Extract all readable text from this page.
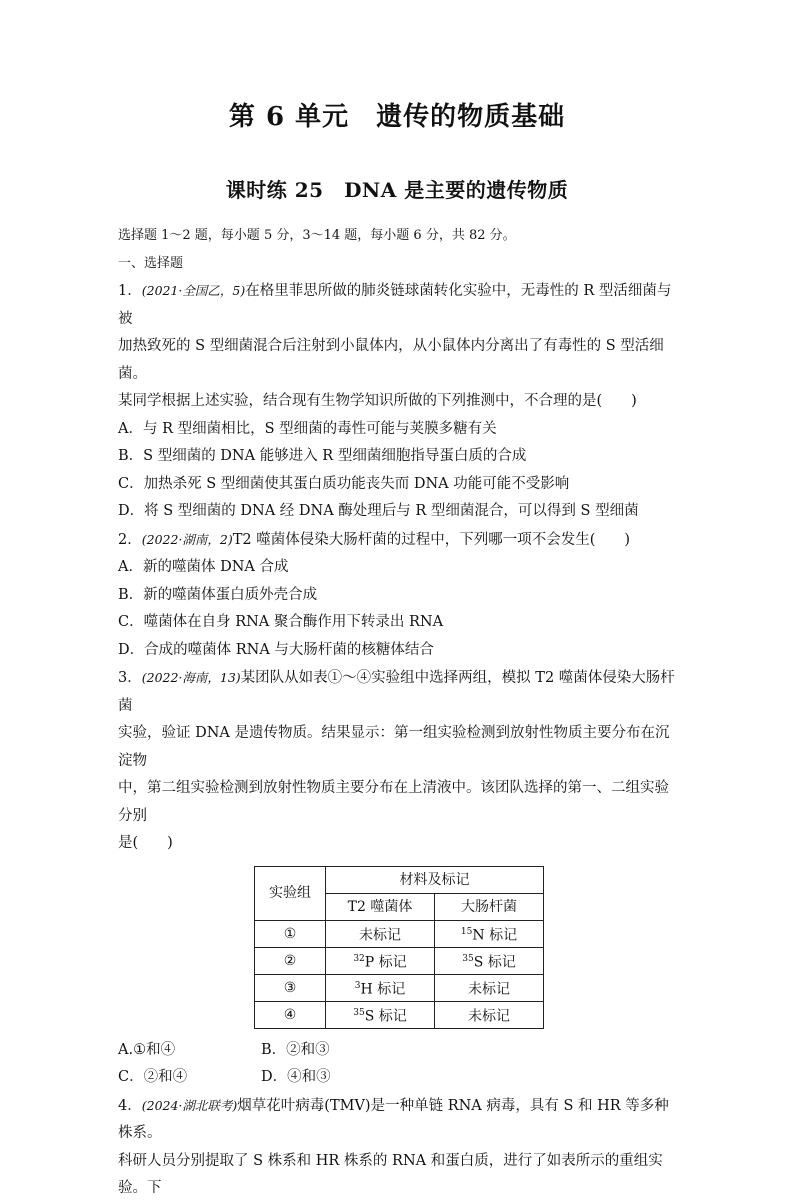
第 6 单元　遗传的物质基础
课时练 25　DNA 是主要的遗传物质

选择题 1～2 题，每小题 5 分，3～14 题，每小题 6 分，共 82 分。

一、选择题

1．(2021·全国乙，5)在格里菲思所做的肺炎链球菌转化实验中，无毒性的 R 型活细菌与被

加热致死的 S 型细菌混合后注射到小鼠体内，从小鼠体内分离出了有毒性的 S 型活细菌。

某同学根据上述实验，结合现有生物学知识所做的下列推测中，不合理的是(　　)

A．与 R 型细菌相比，S 型细菌的毒性可能与荚膜多糖有关

B．S 型细菌的 DNA 能够进入 R 型细菌细胞指导蛋白质的合成

C．加热杀死 S 型细菌使其蛋白质功能丧失而 DNA 功能可能不受影响

D．将 S 型细菌的 DNA 经 DNA 酶处理后与 R 型细菌混合，可以得到 S 型细菌

2．(2022·湖南，2)T2 噬菌体侵染大肠杆菌的过程中，下列哪一项不会发生(　　)

A．新的噬菌体 DNA 合成

B．新的噬菌体蛋白质外壳合成

C．噬菌体在自身 RNA 聚合酶作用下转录出 RNA

D．合成的噬菌体 RNA 与大肠杆菌的核糖体结合

3．(2022·海南，13)某团队从如表①～④实验组中选择两组，模拟 T2 噬菌体侵染大肠杆菌

实验，验证 DNA 是遗传物质。结果显示：第一组实验检测到放射性物质主要分布在沉淀物

中，第二组实验检测到放射性物质主要分布在上清液中。该团队选择的第一、二组实验分别

是(　　)

实验组	材料及标记	
	T2 噬菌体	大肠杆菌
①	未标记	$^{15}$N 标记
②	$^{32}$P 标记	$^{35}$S 标记
③	$^3$H 标记	未标记
④	$^{35}$S 标记	未标记

A.①和④	B．②和③

C．②和④	D．④和③

4．(2024·湖北联考)烟草花叶病毒(TMV)是一种单链 RNA 病毒，具有 S 和 HR 等多种株系。

科研人员分别提取了 S 株系和 HR 株系的 RNA 和蛋白质，进行了如表所示的重组实验。下
